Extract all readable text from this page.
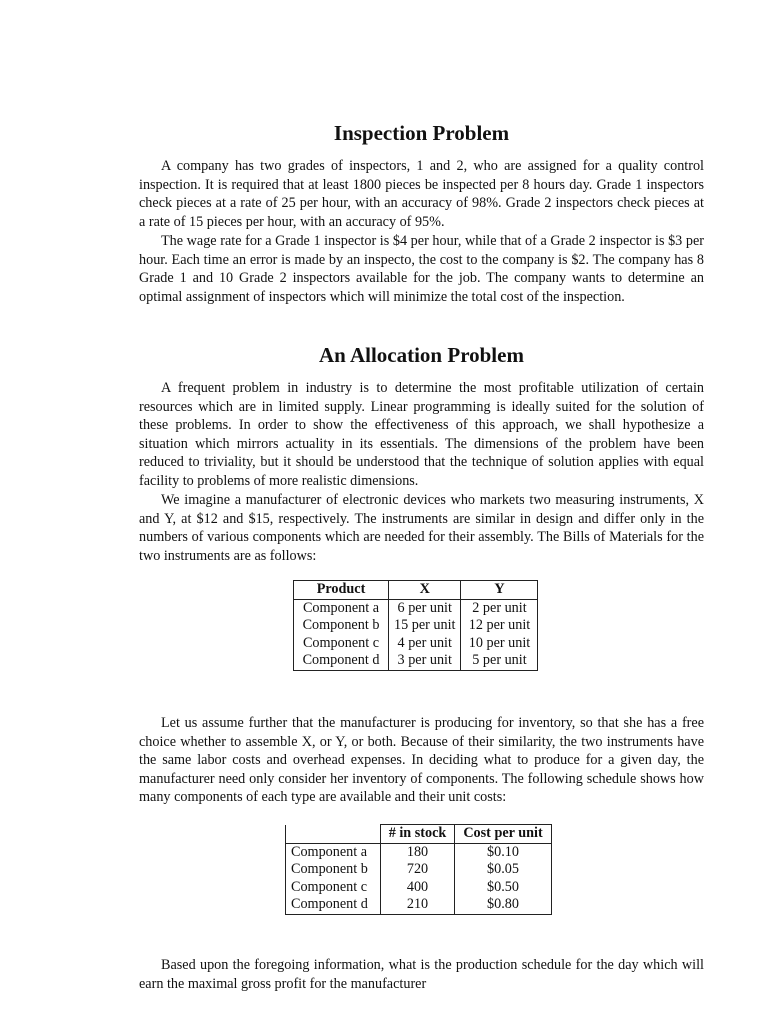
Inspection Problem

A company has two grades of inspectors, 1 and 2, who are assigned for a quality control inspection. It is required that at least 1800 pieces be inspected per 8 hours day. Grade 1 inspectors check pieces at a rate of 25 per hour, with an accuracy of 98%. Grade 2 inspectors check pieces at a rate of 15 pieces per hour, with an accuracy of 95%.

The wage rate for a Grade 1 inspector is $4 per hour, while that of a Grade 2 inspector is $3 per hour. Each time an error is made by an inspecto, the cost to the company is $2. The company has 8 Grade 1 and 10 Grade 2 inspectors available for the job. The company wants to determine an optimal assignment of inspectors which will minimize the total cost of the inspection.

An Allocation Problem

A frequent problem in industry is to determine the most profitable utilization of certain resources which are in limited supply. Linear programming is ideally suited for the solution of these problems. In order to show the effectiveness of this approach, we shall hypothesize a situation which mirrors actuality in its essentials. The dimensions of the problem have been reduced to triviality, but it should be understood that the technique of solution applies with equal facility to problems of more realistic dimensions.

We imagine a manufacturer of electronic devices who markets two measuring instruments, X and Y, at $12 and $15, respectively. The instruments are similar in design and differ only in the numbers of various components which are needed for their assembly. The Bills of Materials for the two instruments are as follows:

Product	X	Y
Component a	6 per unit	2 per unit
Component b	15 per unit	12 per unit
Component c	4 per unit	10 per unit
Component d	3 per unit	5 per unit

Let us assume further that the manufacturer is producing for inventory, so that she has a free choice whether to assemble X, or Y, or both. Because of their similarity, the two instruments have the same labor costs and overhead expenses. In deciding what to produce for a given day, the manufacturer need only consider her inventory of components. The following schedule shows how many components of each type are available and their unit costs:

	# in stock	Cost per unit
Component a	180	$0.10
Component b	720	$0.05
Component c	400	$0.50
Component d	210	$0.80

Based upon the foregoing information, what is the production schedule for the day which will earn the maximal gross profit for the manufacturer
